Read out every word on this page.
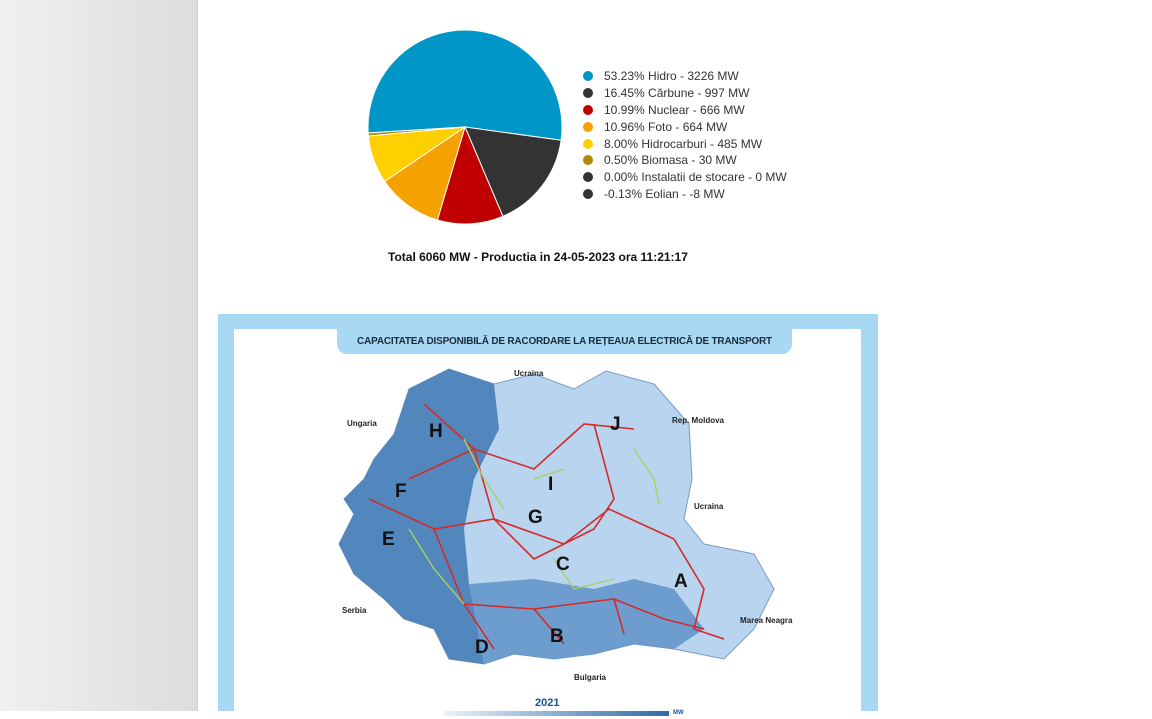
53.23% Hidro - 3226 MW
16.45% Cărbune - 997 MW
10.99% Nuclear - 666 MW
10.96% Foto - 664 MW
8.00% Hidrocarburi - 485 MW
0.50% Biomasa - 30 MW
0.00% Instalatii de stocare - 0 MW
-0.13% Eolian - -8 MW
Total 6060 MW - Productia in 24-05-2023 ora 11:21:17
CAPACITATEA DISPONIBILĂ DE RACORDARE LA REȚEAUA ELECTRICĂ DE TRANSPORT
Ucraina
Ungaria	Rep. Moldova
Ucraina
Serbia
Marea Neagra
Bulgaria
A
B
C
D
E
F
G
H
I
J
2021
MW
